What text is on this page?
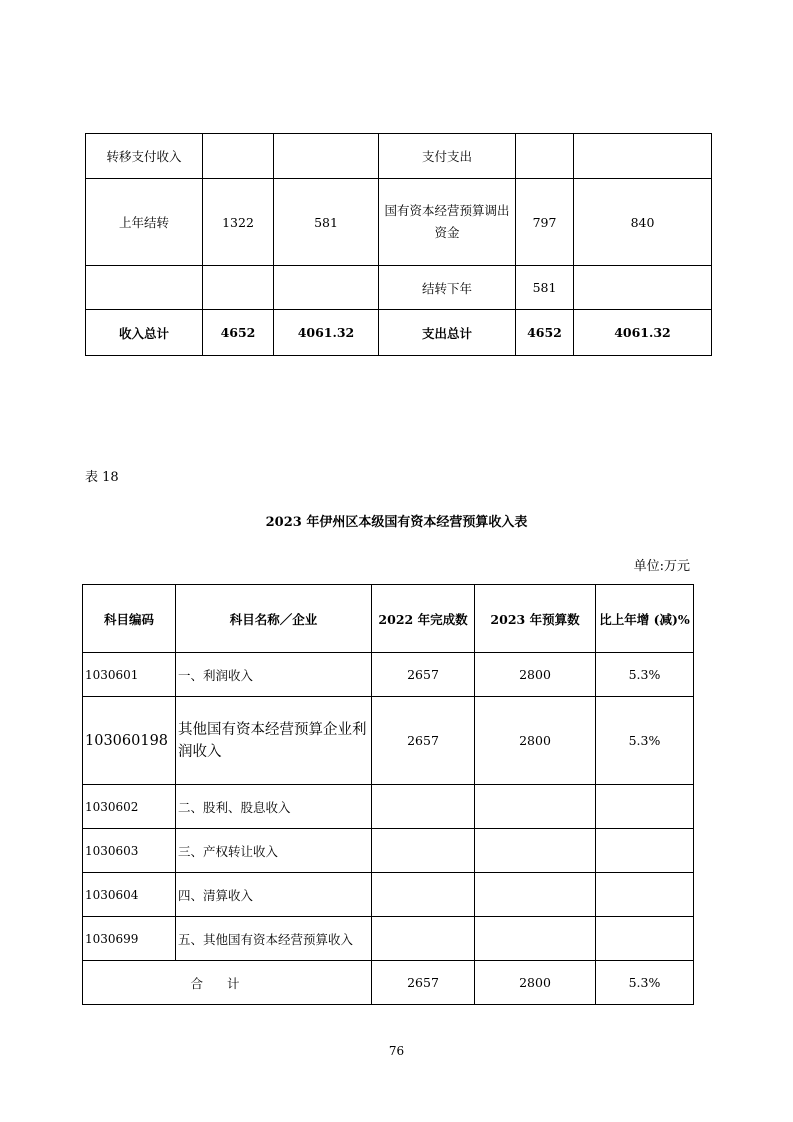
转移支付收入			支付支出		
上年结转	1322	581	国有资本经营预算调出资金	797	840
			结转下年	581	
收入总计	4652	4061.32	支出总计	4652	4061.32
表 18
2023 年伊州区本级国有资本经营预算收入表
单位:万元
科目编码	科目名称／企业	2022 年完成数	2023 年预算数	比上年增 (减)%
1030601	一、利润收入	2657	2800	5.3%
103060198	其他国有资本经营预算企业利润收入	2657	2800	5.3%
1030602	二、股利、股息收入			
1030603	三、产权转让收入			
1030604	四、清算收入			
1030699	五、其他国有资本经营预算收入			
合计		2657	2800	5.3%
76
